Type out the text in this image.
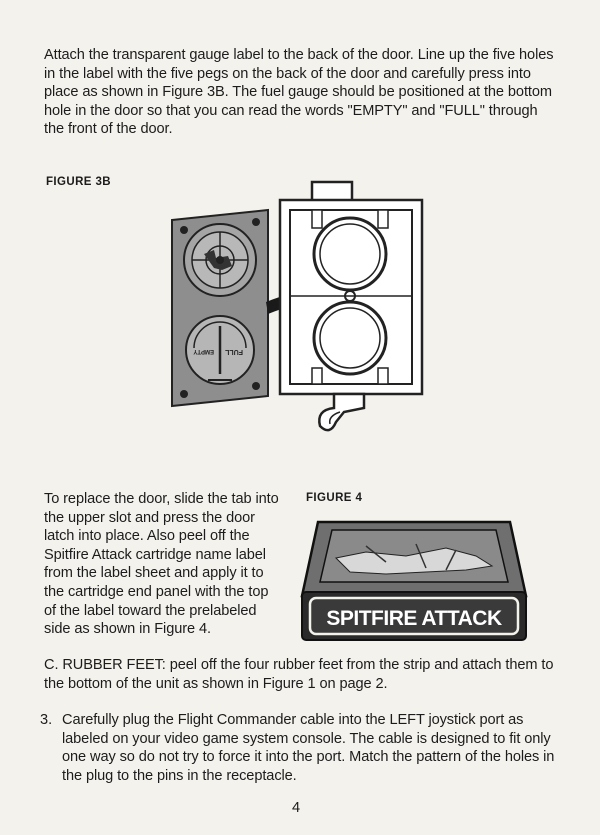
Attach the transparent gauge label to the back of the door. Line up the five holes in the label with the five pegs on the back of the door and carefully press into place as shown in Figure 3B. The fuel gauge should be positioned at the bottom hole in the door so that you can read the words "EMPTY" and "FULL" through the front of the door.

FIGURE 3B
FULL
EMPTY

To replace the door, slide the tab into the upper slot and press the door latch into place. Also peel off the Spitfire Attack cartridge name label from the label sheet and apply it to the cartridge end panel with the top of the label toward the prelabeled side as shown in Figure 4.

FIGURE 4
SPITFIRE ATTACK

C. RUBBER FEET: peel off the four rubber feet from the strip and attach them to the bottom of the unit as shown in Figure 1 on page 2.

3. Carefully plug the Flight Commander cable into the LEFT joystick port as labeled on your video game system console. The cable is designed to fit only one way so do not try to force it into the port. Match the pattern of the holes in the plug to the pins in the receptacle.

4
